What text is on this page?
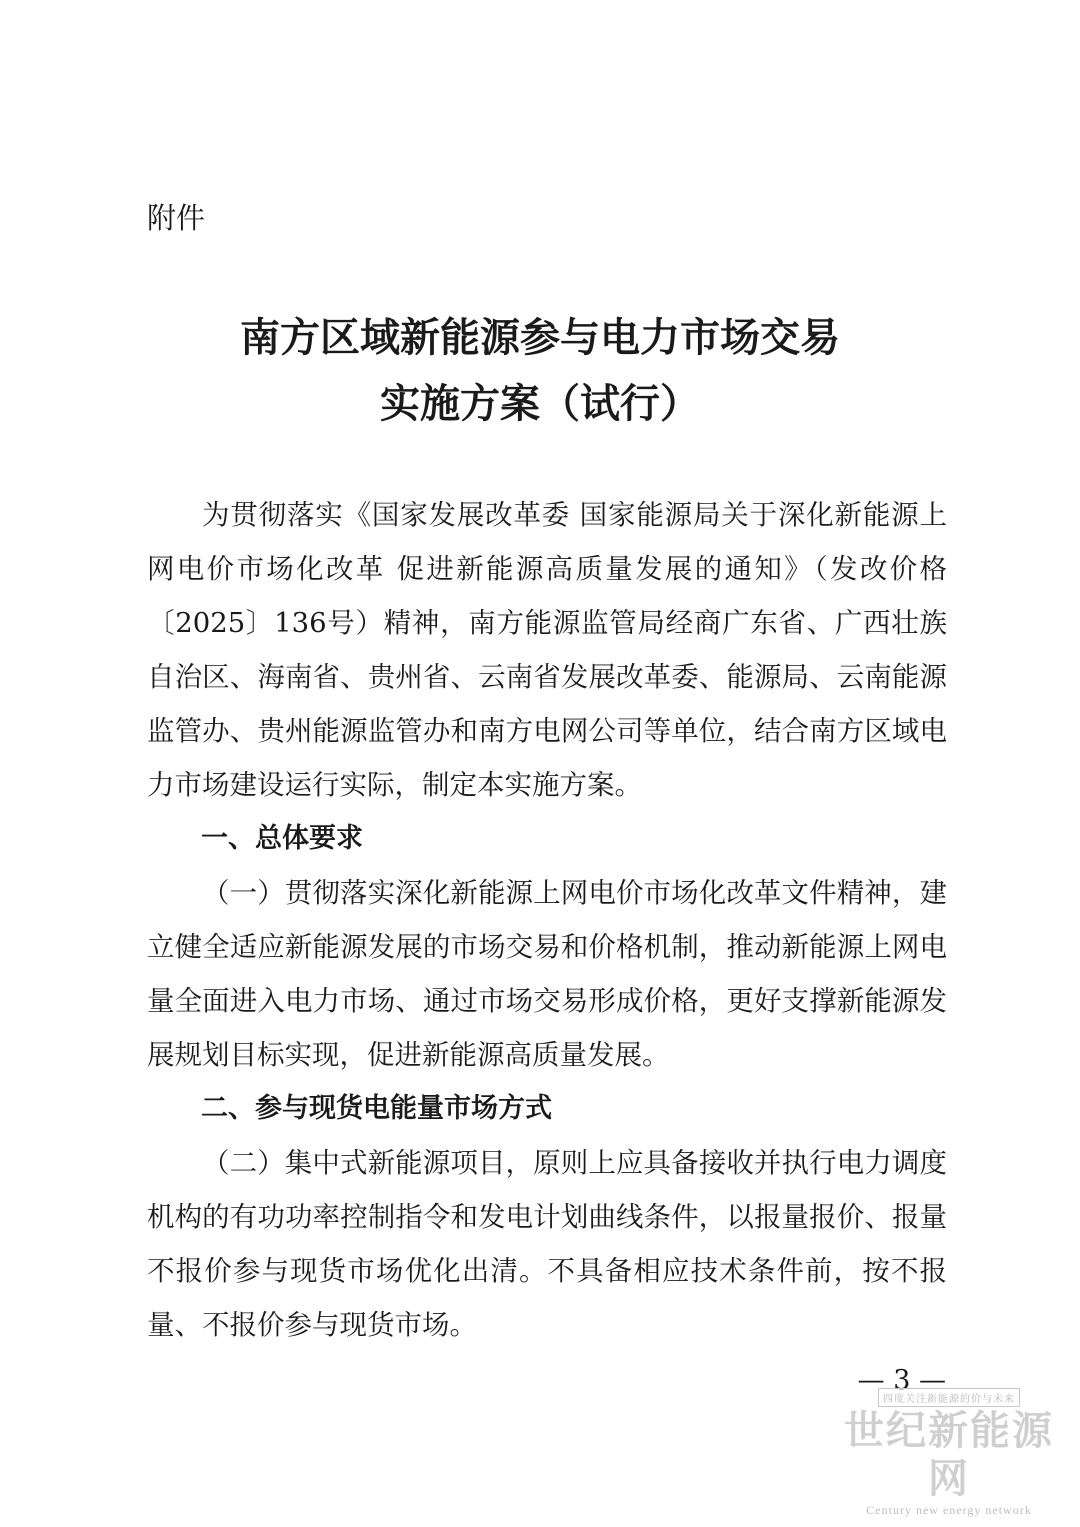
附件
南方区域新能源参与电力市场交易
实施方案（试行）

为贯彻落实《国家发展改革委 国家能源局关于深化新能源上网电价市场化改革 促进新能源高质量发展的通知》（发改价格〔2025〕136号）精神，南方能源监管局经商广东省、广西壮族自治区、海南省、贵州省、云南省发展改革委、能源局、云南能源监管办、贵州能源监管办和南方电网公司等单位，结合南方区域电力市场建设运行实际，制定本实施方案。

一、总体要求

（一）贯彻落实深化新能源上网电价市场化改革文件精神，建立健全适应新能源发展的市场交易和价格机制，推动新能源上网电量全面进入电力市场、通过市场交易形成价格，更好支撑新能源发展规划目标实现，促进新能源高质量发展。

二、参与现货电能量市场方式

（二）集中式新能源项目，原则上应具备接收并执行电力调度机构的有功功率控制指令和发电计划曲线条件，以报量报价、报量不报价参与现货市场优化出清。不具备相应技术条件前，按不报量、不报价参与现货市场。

— 3 —
四度关注新能源的价与未来
世纪新能源网
Century new energy network
